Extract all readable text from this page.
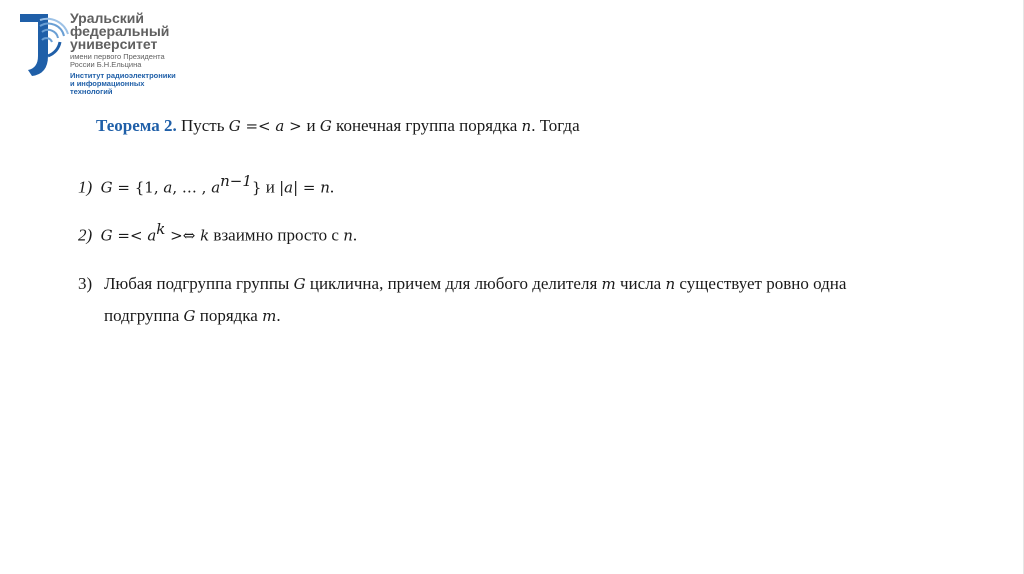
Уральский
федеральный
университет
имени первого Президента
России Б.Н.Ельцина
Институт радиоэлектроники
и информационных
технологий
Теорема 2. Пусть G =< a > и G конечная группа порядка n. Тогда
1) G = {1, a, … , $a^{n-1}$} и |a| = n.
2) $G =< a^k$ >⇔ k взаимно просто с n.
3) Любая подгруппа группы G циклична, причем для любого делителя m числа n существует ровно одна
подгруппа G порядка m.
